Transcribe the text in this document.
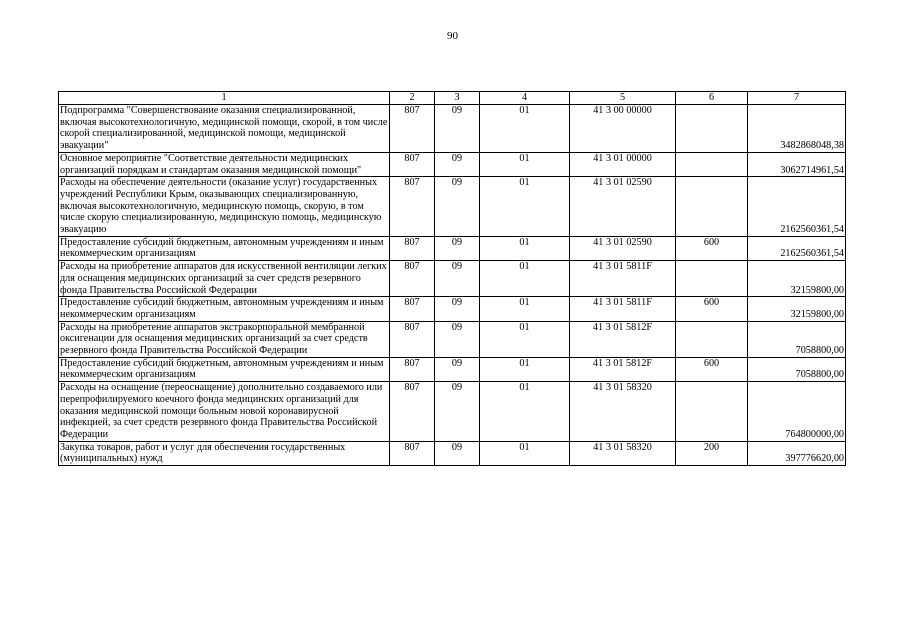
90
1	2	3	4	5	6	7
Подпрограмма "Совершенствование оказания специализированной, включая высокотехнологичную, медицинской помощи, скорой, в том числе скорой специализированной, медицинской помощи, медицинской эвакуации"	807	09	01	41 3 00 00000		3482868048,38
Основное мероприятие "Соответствие деятельности медицинских организаций порядкам и стандартам оказания медицинской помощи"	807	09	01	41 3 01 00000		3062714961,54
Расходы на обеспечение деятельности (оказание услуг) государственных учреждений Республики Крым, оказывающих специализированную, включая высокотехнологичную, медицинскую помощь, скорую, в том числе скорую специализированную, медицинскую помощь, медицинскую эвакуацию	807	09	01	41 3 01 02590		2162560361,54
Предоставление субсидий бюджетным, автономным учреждениям и иным некоммерческим организациям	807	09	01	41 3 01 02590	600	2162560361,54
Расходы на приобретение аппаратов для искусственной вентиляции легких для оснащения медицинских организаций за счет средств резервного фонда Правительства Российской Федерации	807	09	01	41 3 01 5811F		32159800,00
Предоставление субсидий бюджетным, автономным учреждениям и иным некоммерческим организациям	807	09	01	41 3 01 5811F	600	32159800,00
Расходы на приобретение аппаратов экстракорпоральной мембранной оксигенации для оснащения медицинских организаций за счет средств резервного фонда Правительства Российской Федерации	807	09	01	41 3 01 5812F		7058800,00
Предоставление субсидий бюджетным, автономным учреждениям и иным некоммерческим организациям	807	09	01	41 3 01 5812F	600	7058800,00
Расходы на оснащение (переоснащение) дополнительно создаваемого или перепрофилируемого коечного фонда медицинских организаций для оказания медицинской помощи больным новой коронавирусной инфекцией, за счет средств резервного фонда Правительства Российской Федерации	807	09	01	41 3 01 58320		764800000,00
Закупка товаров, работ и услуг для обеспечения государственных (муниципальных) нужд	807	09	01	41 3 01 58320	200	397776620,00
